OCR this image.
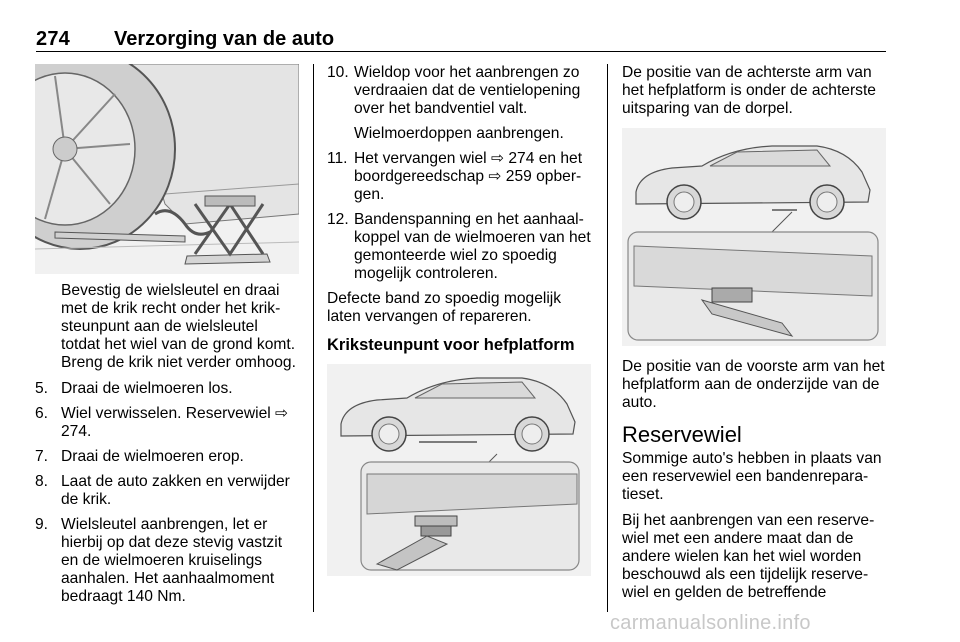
274 Verzorging van de auto

Bevestig de wielsleutel en draai met de krik recht onder het krik-steunpunt aan de wielsleutel totdat het wiel van de grond komt. Breng de krik niet verder omhoog.

5. Draai de wielmoeren los.
6. Wiel verwisselen. Reservewiel ⇨ 274.
7. Draai de wielmoeren erop.
8. Laat de auto zakken en verwijder de krik.
9. Wielsleutel aanbrengen, let er hierbij op dat deze stevig vastzit en de wielmoeren kruiselings aanhalen. Het aanhaalmoment bedraagt 140 Nm.
10. Wieldop voor het aanbrengen zo verdraaien dat de ventielopening over het bandventiel valt.
Wielmoerdoppen aanbrengen.
11. Het vervangen wiel ⇨ 274 en het boordgereedschap ⇨ 259 opber-gen.
12. Bandenspanning en het aanhaal-koppel van de wielmoeren van het gemonteerde wiel zo spoedig mogelijk controleren.

Defecte band zo spoedig mogelijk laten vervangen of repareren.

Kriksteunpunt voor hefplatform

De positie van de achterste arm van het hefplatform is onder de achterste uitsparing van de dorpel.

De positie van de voorste arm van het hefplatform aan de onderzijde van de auto.

Reservewiel

Sommige auto's hebben in plaats van een reservewiel een bandenrepara-tieset.

Bij het aanbrengen van een reserve-wiel met een andere maat dan de andere wielen kan het wiel worden beschouwd als een tijdelijk reserve-wiel en gelden de betreffende

carmanualsonline.info
